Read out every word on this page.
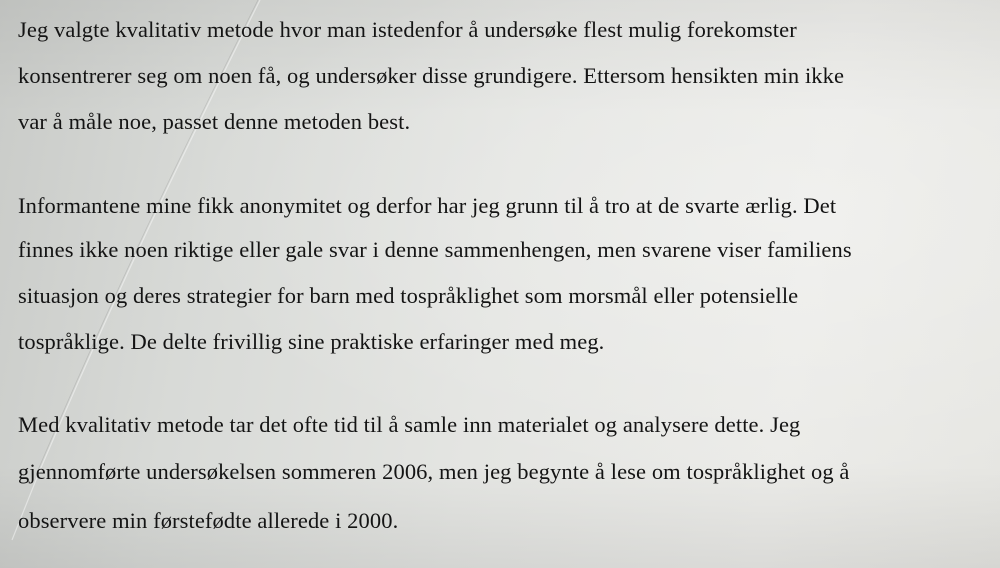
Jeg valgte kvalitativ metode hvor man istedenfor å undersøke flest mulig forekomster
konsentrerer seg om noen få, og undersøker disse grundigere. Ettersom hensikten min ikke
var å måle noe, passet denne metoden best.
Informantene mine fikk anonymitet og derfor har jeg grunn til å tro at de svarte ærlig. Det
finnes ikke noen riktige eller gale svar i denne sammenhengen, men svarene viser familiens
situasjon og deres strategier for barn med tospråklighet som morsmål eller potensielle
tospråklige. De delte frivillig sine praktiske erfaringer med meg.
Med kvalitativ metode tar det ofte tid til å samle inn materialet og analysere dette. Jeg
gjennomførte undersøkelsen sommeren 2006, men jeg begynte å lese om tospråklighet og å
observere min førstefødte allerede i 2000.
